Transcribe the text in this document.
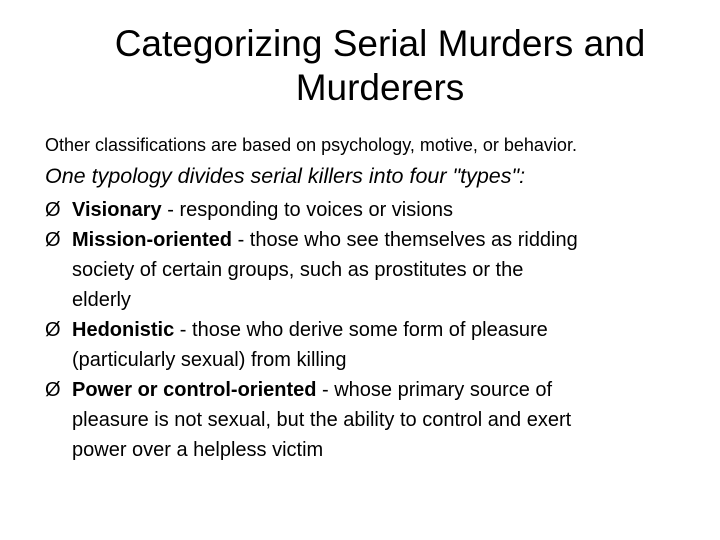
Categorizing Serial Murders and
Murderers

Other classifications are based on psychology, motive, or behavior.

One typology divides serial killers into four "types":

Ø Visionary - responding to voices or visions
Ø Mission-oriented - those who see themselves as ridding
society of certain groups, such as prostitutes or the
elderly
Ø Hedonistic - those who derive some form of pleasure
(particularly sexual) from killing
Ø Power or control-oriented - whose primary source of
pleasure is not sexual, but the ability to control and exert
power over a helpless victim
